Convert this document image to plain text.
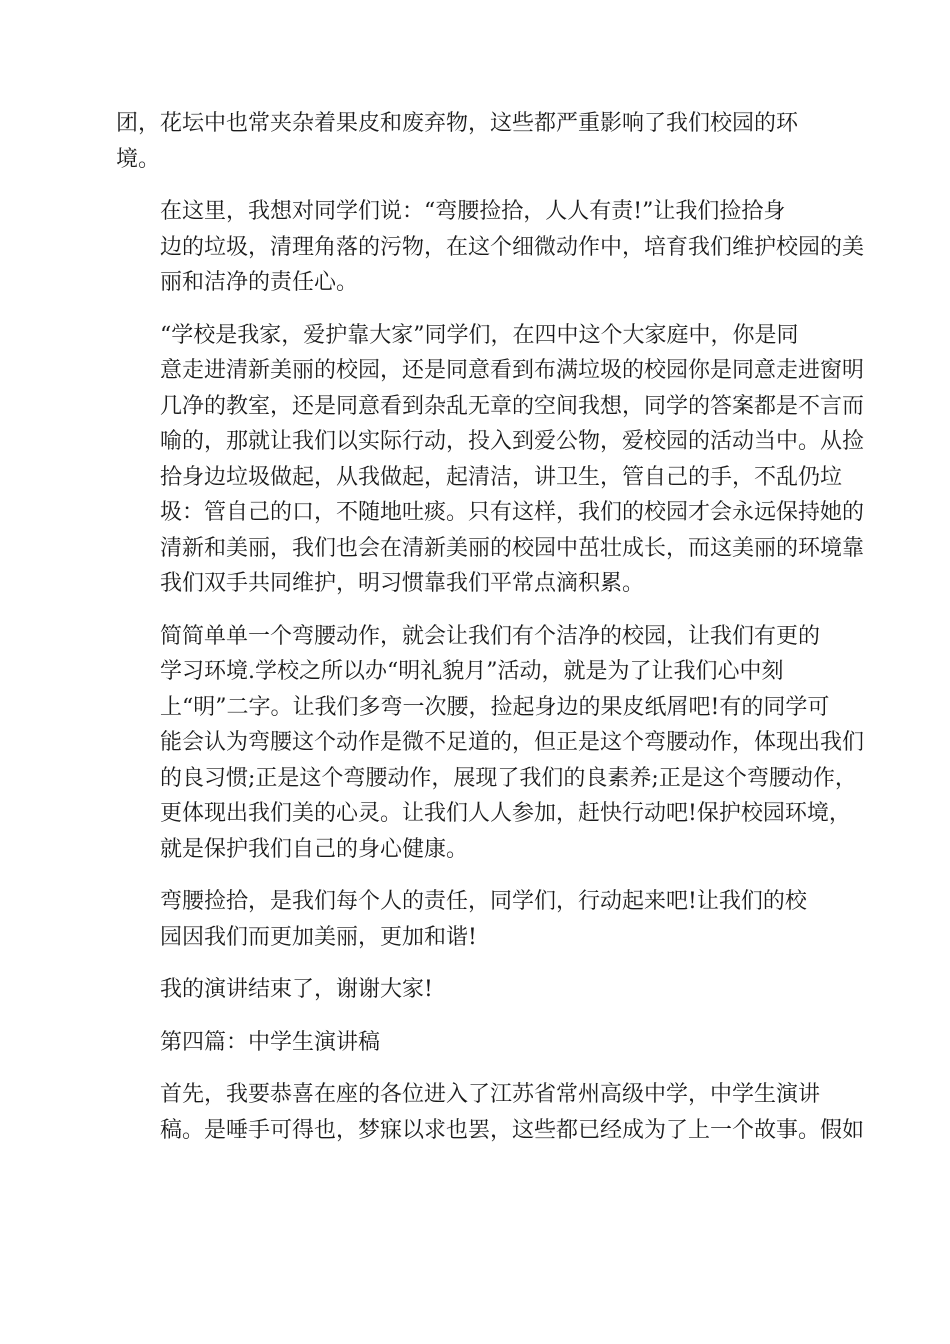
团，花坛中也常夹杂着果皮和废弃物，这些都严重影响了我们校园的环
境。

在这里，我想对同学们说：“弯腰捡拾，人人有责!”让我们捡拾身
边的垃圾，清理角落的污物，在这个细微动作中，培育我们维护校园的美
丽和洁净的责任心。

“学校是我家，爱护靠大家”同学们，在四中这个大家庭中，你是同
意走进清新美丽的校园，还是同意看到布满垃圾的校园你是同意走进窗明
几净的教室，还是同意看到杂乱无章的空间我想，同学的答案都是不言而
喻的，那就让我们以实际行动，投入到爱公物，爱校园的活动当中。从捡
拾身边垃圾做起，从我做起，起清洁，讲卫生，管自己的手，不乱仍垃
圾：管自己的口，不随地吐痰。只有这样，我们的校园才会永远保持她的
清新和美丽，我们也会在清新美丽的校园中茁壮成长，而这美丽的环境靠
我们双手共同维护，明习惯靠我们平常点滴积累。

简简单单一个弯腰动作，就会让我们有个洁净的校园，让我们有更的
学习环境.学校之所以办“明礼貌月”活动，就是为了让我们心中刻
上“明”二字。让我们多弯一次腰，捡起身边的果皮纸屑吧!有的同学可
能会认为弯腰这个动作是微不足道的，但正是这个弯腰动作，体现出我们
的良习惯;正是这个弯腰动作，展现了我们的良素养;正是这个弯腰动作，
更体现出我们美的心灵。让我们人人参加，赶快行动吧!保护校园环境，
就是保护我们自己的身心健康。

弯腰捡拾，是我们每个人的责任，同学们，行动起来吧!让我们的校
园因我们而更加美丽，更加和谐!

我的演讲结束了，谢谢大家!

第四篇：中学生演讲稿

首先，我要恭喜在座的各位进入了江苏省常州高级中学，中学生演讲
稿。是唾手可得也，梦寐以求也罢，这些都已经成为了上一个故事。假如
